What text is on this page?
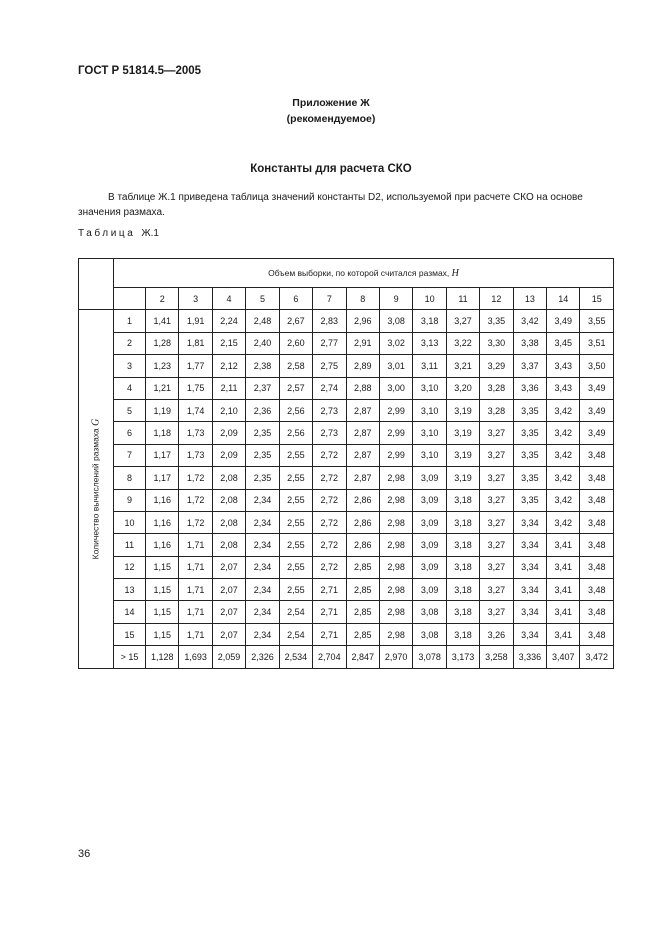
ГОСТ Р 51814.5—2005
Приложение Ж
(рекомендуемое)
Константы для расчета СКО
В таблице Ж.1 приведена таблица значений константы D2, используемой при расчете СКО на основе значения размаха.
Таблица Ж.1
	Объем выборки, по которой считался размах, H														
		2	3	4	5	6	7	8	9	10	11	12	13	14	15

Количество вычислений размаха G	1	1,41	1,91	2,24	2,48	2,67	2,83	2,96	3,08	3,18	3,27	3,35	3,42	3,49	3,55
	2	1,28	1,81	2,15	2,40	2,60	2,77	2,91	3,02	3,13	3,22	3,30	3,38	3,45	3,51
	3	1,23	1,77	2,12	2,38	2,58	2,75	2,89	3,01	3,11	3,21	3,29	3,37	3,43	3,50
	4	1,21	1,75	2,11	2,37	2,57	2,74	2,88	3,00	3,10	3,20	3,28	3,36	3,43	3,49
	5	1,19	1,74	2,10	2,36	2,56	2,73	2,87	2,99	3,10	3,19	3,28	3,35	3,42	3,49
	6	1,18	1,73	2,09	2,35	2,56	2,73	2,87	2,99	3,10	3,19	3,27	3,35	3,42	3,49
	7	1,17	1,73	2,09	2,35	2,55	2,72	2,87	2,99	3,10	3,19	3,27	3,35	3,42	3,48
	8	1,17	1,72	2,08	2,35	2,55	2,72	2,87	2,98	3,09	3,19	3,27	3,35	3,42	3,48
	9	1,16	1,72	2,08	2,34	2,55	2,72	2,86	2,98	3,09	3,18	3,27	3,35	3,42	3,48
	10	1,16	1,72	2,08	2,34	2,55	2,72	2,86	2,98	3,09	3,18	3,27	3,34	3,42	3,48
	11	1,16	1,71	2,08	2,34	2,55	2,72	2,86	2,98	3,09	3,18	3,27	3,34	3,41	3,48
	12	1,15	1,71	2,07	2,34	2,55	2,72	2,85	2,98	3,09	3,18	3,27	3,34	3,41	3,48
	13	1,15	1,71	2,07	2,34	2,55	2,71	2,85	2,98	3,09	3,18	3,27	3,34	3,41	3,48
	14	1,15	1,71	2,07	2,34	2,54	2,71	2,85	2,98	3,08	3,18	3,27	3,34	3,41	3,48
	15	1,15	1,71	2,07	2,34	2,54	2,71	2,85	2,98	3,08	3,18	3,26	3,34	3,41	3,48
	> 15	1,128	1,693	2,059	2,326	2,534	2,704	2,847	2,970	3,078	3,173	3,258	3,336	3,407	3,472
36
